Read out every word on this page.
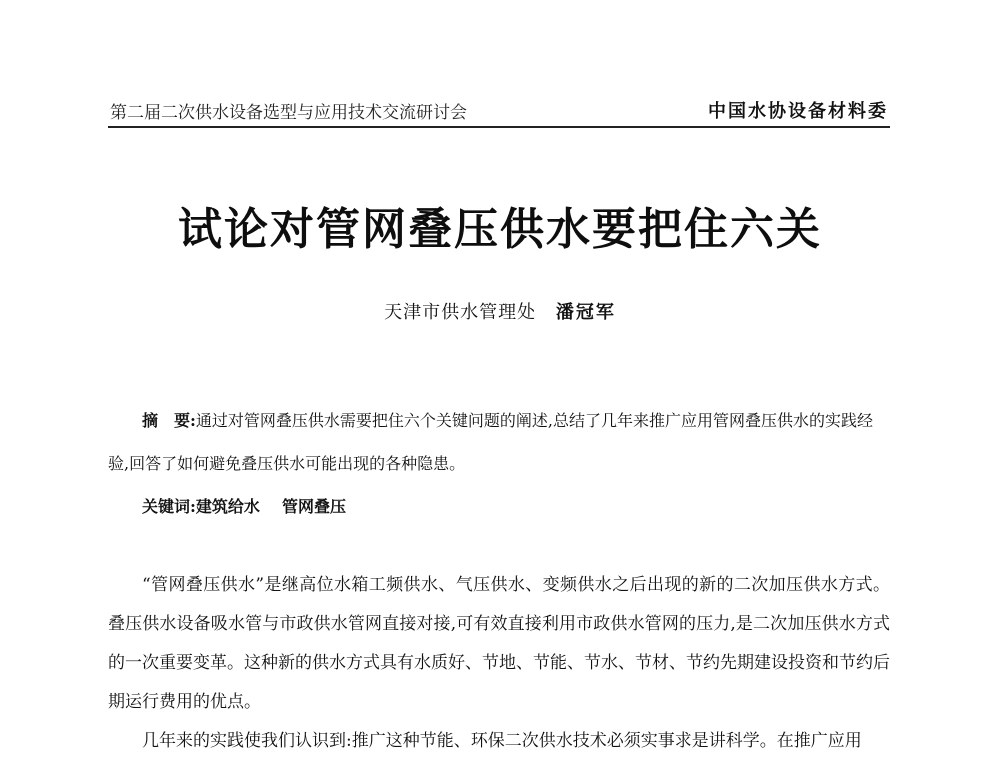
第二届二次供水设备选型与应用技术交流研讨会	中国水协设备材料委
试论对管网叠压供水要把住六关
天津市供水管理处 潘冠军
摘　要:通过对管网叠压供水需要把住六个关键问题的阐述,总结了几年来推广应用管网叠压供水的实践经验,回答了如何避免叠压供水可能出现的各种隐患。
关键词:建筑给水 管网叠压

“管网叠压供水”是继高位水箱工频供水、气压供水、变频供水之后出现的新的二次加压供水方式。叠压供水设备吸水管与市政供水管网直接对接,可有效直接利用市政供水管网的压力,是二次加压供水方式的一次重要变革。这种新的供水方式具有水质好、节地、节能、节水、节材、节约先期建设投资和节约后期运行费用的优点。

几年来的实践使我们认识到:推广这种节能、环保二次供水技术必须实事求是讲科学。在推广应用
